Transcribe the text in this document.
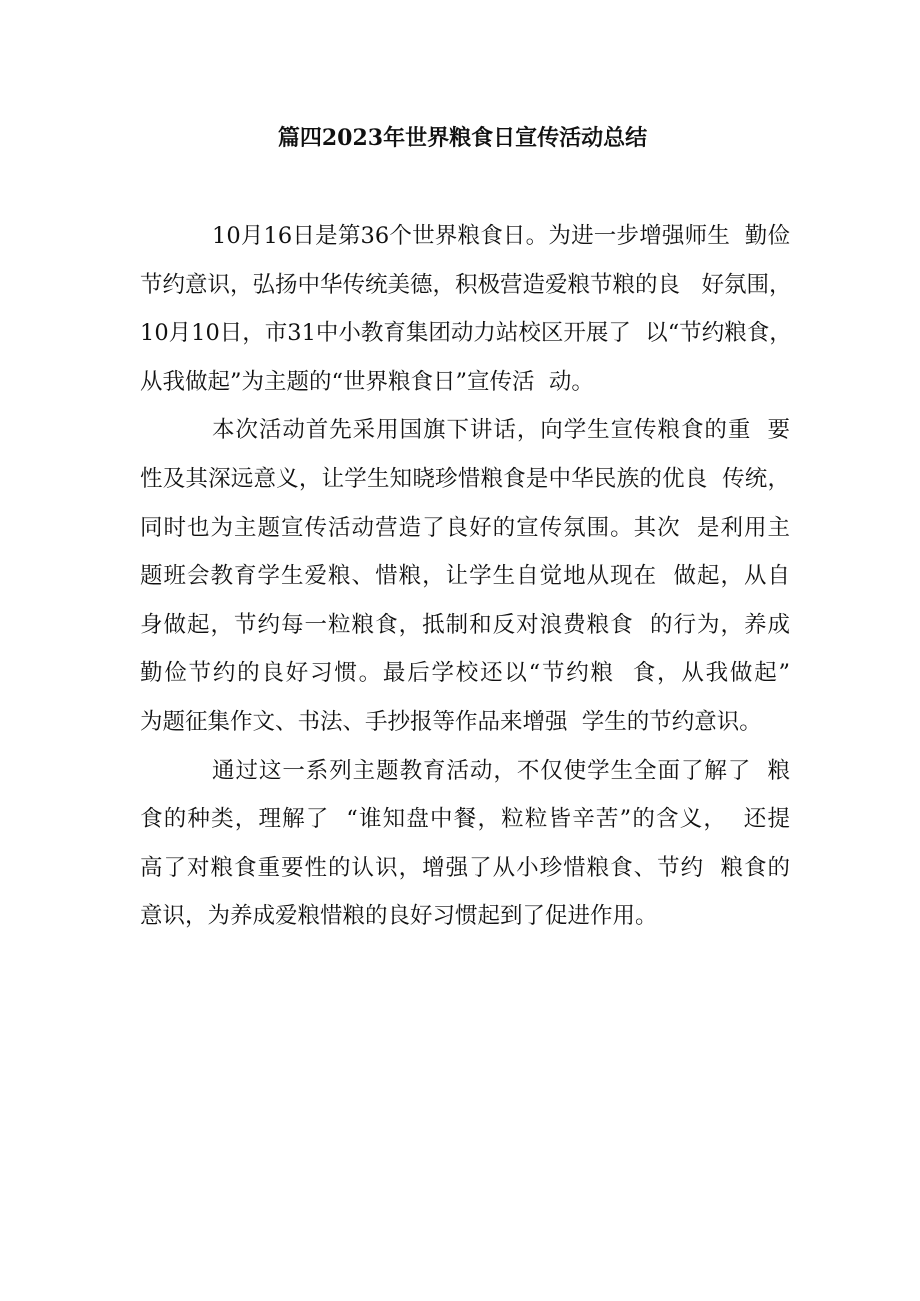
篇四2023年世界粮食日宣传活动总结

10月16日是第36个世界粮食日。为进一步增强师生  勤俭
节约意识，弘扬中华传统美德，积极营造爱粮节粮的良   好氛围，
10月10日，市31中小教育集团动力站校区开展了  以“节约粮食，
从我做起”为主题的“世界粮食日”宣传活  动。

本次活动首先采用国旗下讲话，向学生宣传粮食的重  要
性及其深远意义，让学生知晓珍惜粮食是中华民族的优良  传统，
同时也为主题宣传活动营造了良好的宣传氛围。其次  是利用主
题班会教育学生爱粮、惜粮，让学生自觉地从现在  做起，从自
身做起，节约每一粒粮食，抵制和反对浪费粮食  的行为，养成
勤俭节约的良好习惯。最后学校还以“节约粮  食，从我做起”
为题征集作文、书法、手抄报等作品来增强  学生的节约意识。

通过这一系列主题教育活动，不仅使学生全面了解了  粮
食的种类，理解了  “谁知盘中餐，粒粒皆辛苦”的含义，  还提
高了对粮食重要性的认识，增强了从小珍惜粮食、节约  粮食的
意识，为养成爱粮惜粮的良好习惯起到了促进作用。
